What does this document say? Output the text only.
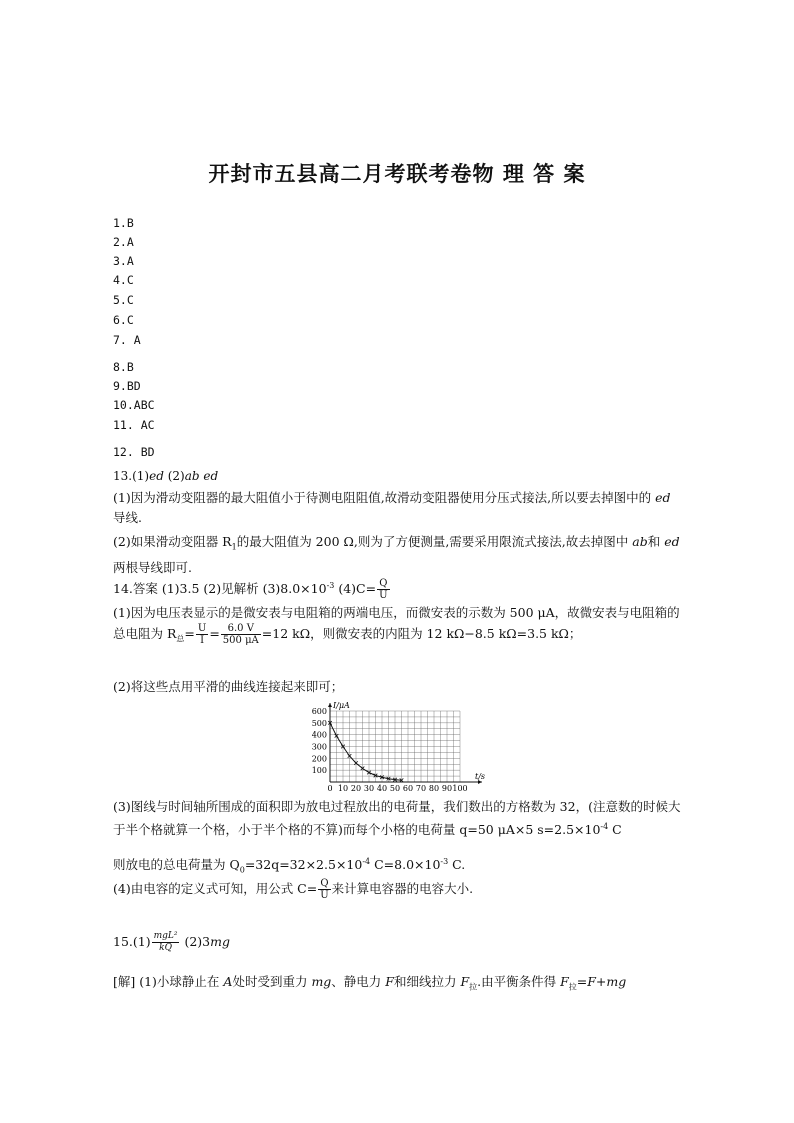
开封市五县高二月考联考卷物 理 答 案
1.B
2.A
3.A
4.C
5.C
6.C
7. A
8.B
9.BD
10.ABC
11. AC
12. BD
13.(1)ed (2)ab ed
(1)因为滑动变阻器的最大阻值小于待测电阻阻值,故滑动变阻器使用分压式接法,所以要去掉图中的 ed导线.
(2)如果滑动变阻器 $R_1$的最大阻值为 200 Ω,则为了方便测量,需要采用限流式接法,故去掉图中 ab和 ed两根导线即可.
14.答案 (1)3.5 (2)见解析 $(3)8.0\times 10^{-3}$ $(4)C= \frac{Q}{U}$
(1)因为电压表显示的是微安表与电阻箱的两端电压，而微安表的示数为 500 μA，故微安表与电阻箱的总电阻为 $R_总= \frac{U}{I} = \frac{6.0 V}{500 \mu A} =12$ kΩ，则微安表的内阻为 12 kΩ−8.5 kΩ=3.5 kΩ；
(2)将这些点用平滑的曲线连接起来即可；
600
500
400
300
200
100
0 10 20 30 40 50 60 70 80 90 100
I/μA
t/s
(3)图线与时间轴所围成的面积即为放电过程放出的电荷量，我们数出的方格数为 32，(注意数的时候大于半个格就算一个格，小于半个格的不算)而每个小格的电荷量 q=50 μA×5 $s=2.5\times 10^{-4}$ C
则放电的总电荷量为 $Q_0=32q=32\times 2.5\times 10^{-4}$ $C=8.0\times 10^{-3}$ C.
(4)由电容的定义式可知，用公式 $C= \frac{Q}{U}$ 来计算电容器的电容大小.
$15.(1) \frac{\text{mgL²}}{kQ} (2)3mg$
[解] (1)小球静止在 A处时受到重力 mg、静电力 F和细线拉力 $F_拉$.由平衡条件得 $F_拉=F+mg$
